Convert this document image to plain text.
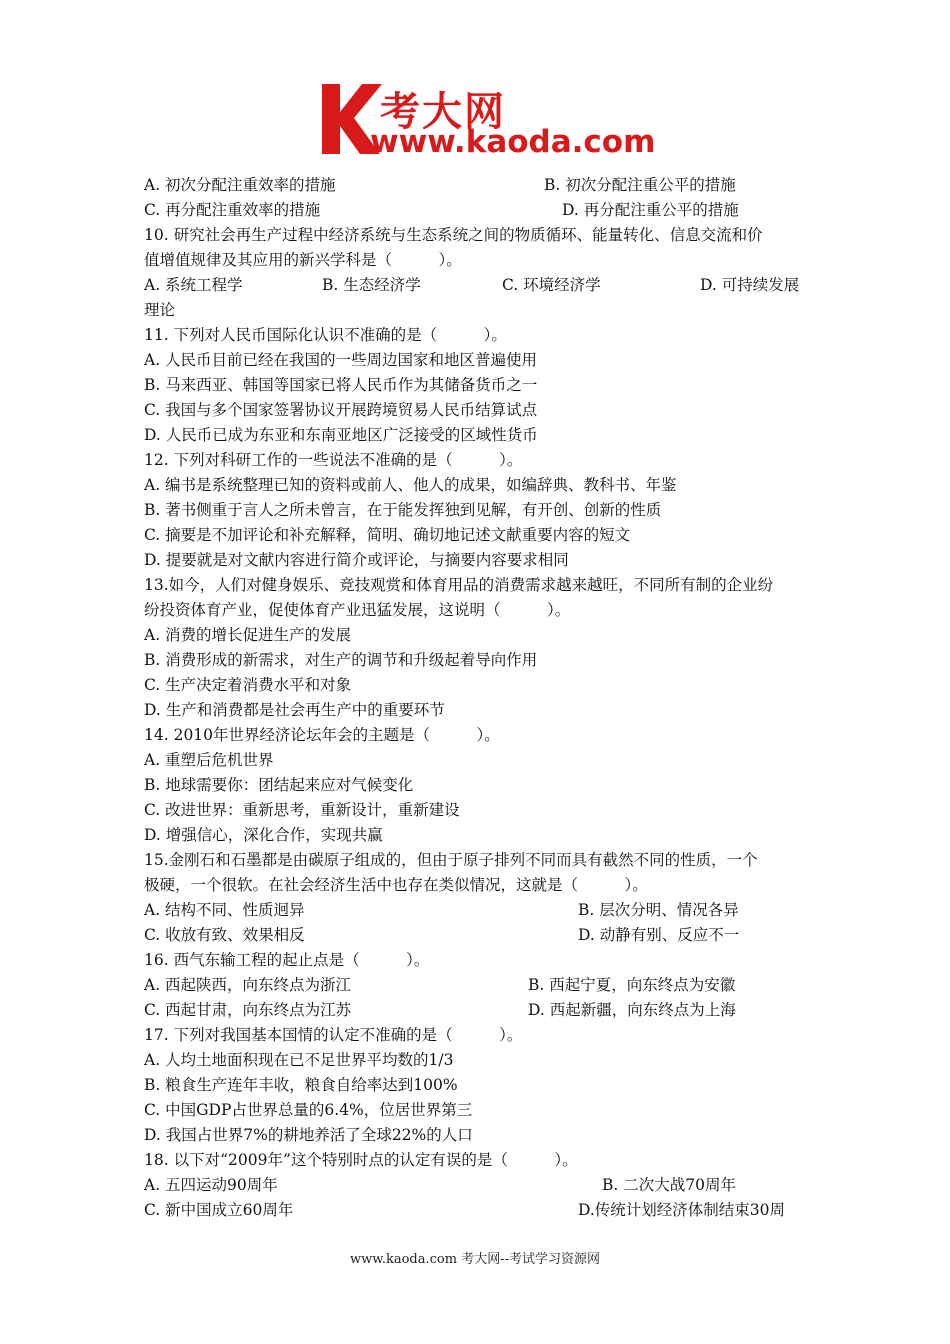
考大网
www.kaoda.com
A. 初次分配注重效率的措施	B. 初次分配注重公平的措施
C. 再分配注重效率的措施	D. 再分配注重公平的措施
10. 研究社会再生产过程中经济系统与生态系统之间的物质循环、能量转化、信息交流和价
值增值规律及其应用的新兴学科是（　　　）。
A. 系统工程学	B. 生态经济学	C. 环境经济学	D. 可持续发展
理论
11. 下列对人民币国际化认识不准确的是（　　　）。
A. 人民币目前已经在我国的一些周边国家和地区普遍使用
B. 马来西亚、韩国等国家已将人民币作为其储备货币之一
C. 我国与多个国家签署协议开展跨境贸易人民币结算试点
D. 人民币已成为东亚和东南亚地区广泛接受的区域性货币
12. 下列对科研工作的一些说法不准确的是（　　　）。
A. 编书是系统整理已知的资料或前人、他人的成果，如编辞典、教科书、年鉴
B. 著书侧重于言人之所未曾言，在于能发挥独到见解，有开创、创新的性质
C. 摘要是不加评论和补充解释，简明、确切地记述文献重要内容的短文
D. 提要就是对文献内容进行简介或评论，与摘要内容要求相同
13.如今，人们对健身娱乐、竞技观赏和体育用品的消费需求越来越旺，不同所有制的企业纷
纷投资体育产业，促使体育产业迅猛发展，这说明（　　　）。
A. 消费的增长促进生产的发展
B. 消费形成的新需求，对生产的调节和升级起着导向作用
C. 生产决定着消费水平和对象
D. 生产和消费都是社会再生产中的重要环节
14. 2010年世界经济论坛年会的主题是（　　　）。
A. 重塑后危机世界
B. 地球需要你：团结起来应对气候变化
C. 改进世界：重新思考，重新设计，重新建设
D. 增强信心，深化合作，实现共赢
15.金刚石和石墨都是由碳原子组成的，但由于原子排列不同而具有截然不同的性质，一个
极硬，一个很软。在社会经济生活中也存在类似情况，这就是（　　　）。
A. 结构不同、性质迥异	B. 层次分明、情况各异
C. 收放有致、效果相反	D. 动静有别、反应不一
16. 西气东输工程的起止点是（　　　）。
A. 西起陕西，向东终点为浙江	B. 西起宁夏，向东终点为安徽
C. 西起甘肃，向东终点为江苏	D. 西起新疆，向东终点为上海
17. 下列对我国基本国情的认定不准确的是（　　　）。
A. 人均土地面积现在已不足世界平均数的1/3
B. 粮食生产连年丰收，粮食自给率达到100%
C. 中国GDP占世界总量的6.4%，位居世界第三
D. 我国占世界7%的耕地养活了全球22%的人口
18. 以下对“2009年”这个特别时点的认定有误的是（　　　）。
A. 五四运动90周年	B. 二次大战70周年
C. 新中国成立60周年	D.传统计划经济体制结束30周
www.kaoda.com 考大网--考试学习资源网
